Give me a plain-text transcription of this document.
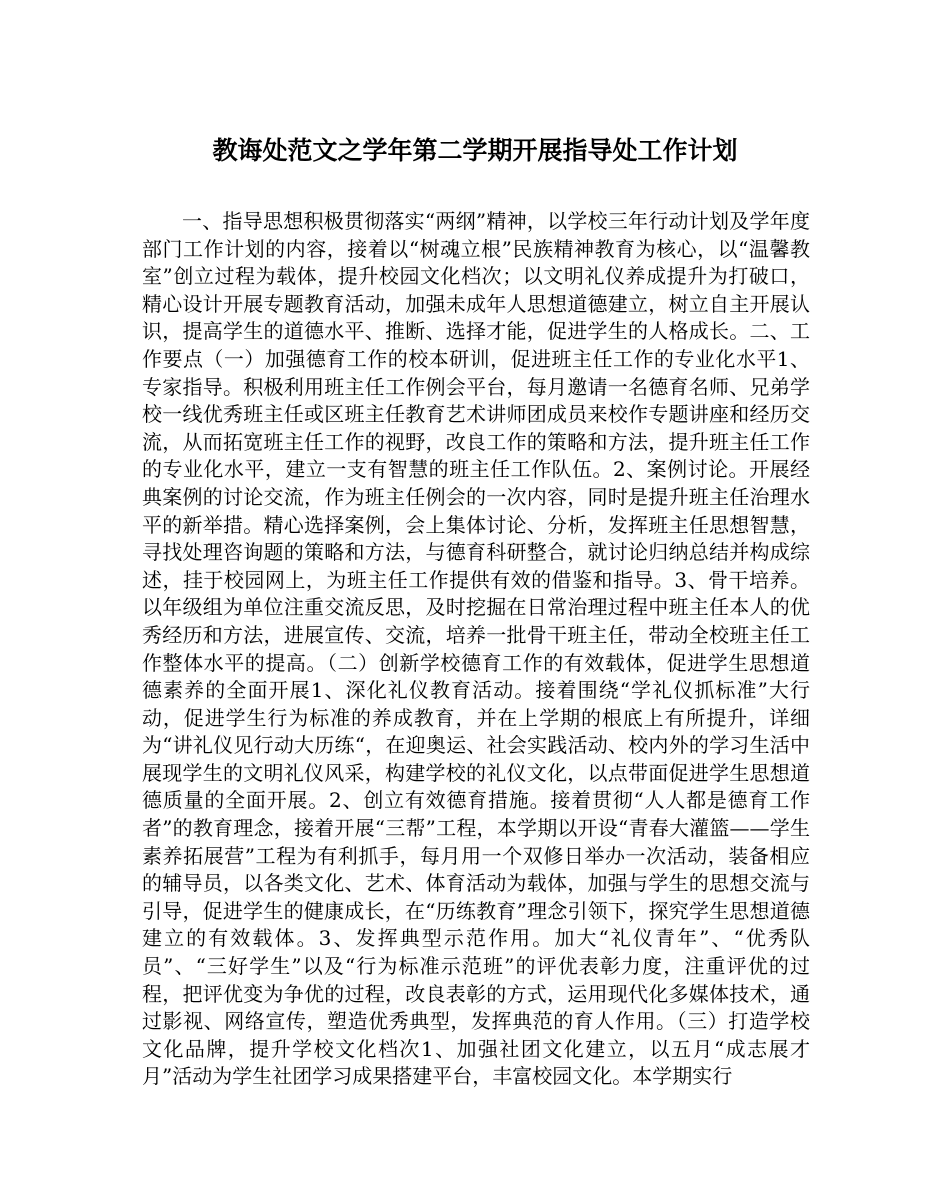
教诲处范文之学年第二学期开展指导处工作计划

一、指导思想积极贯彻落实“两纲”精神，以学校三年行动计划及学年度部门工作计划的内容，接着以“树魂立根”民族精神教育为核心，以“温馨教室”创立过程为载体，提升校园文化档次；以文明礼仪养成提升为打破口，精心设计开展专题教育活动，加强未成年人思想道德建立，树立自主开展认识，提高学生的道德水平、推断、选择才能，促进学生的人格成长。二、工作要点（一）加强德育工作的校本研训，促进班主任工作的专业化水平1、专家指导。积极利用班主任工作例会平台，每月邀请一名德育名师、兄弟学校一线优秀班主任或区班主任教育艺术讲师团成员来校作专题讲座和经历交流，从而拓宽班主任工作的视野，改良工作的策略和方法，提升班主任工作的专业化水平，建立一支有智慧的班主任工作队伍。2、案例讨论。开展经典案例的讨论交流，作为班主任例会的一次内容，同时是提升班主任治理水平的新举措。精心选择案例，会上集体讨论、分析，发挥班主任思想智慧，寻找处理咨询题的策略和方法，与德育科研整合，就讨论归纳总结并构成综述，挂于校园网上，为班主任工作提供有效的借鉴和指导。3、骨干培养。以年级组为单位注重交流反思，及时挖掘在日常治理过程中班主任本人的优秀经历和方法，进展宣传、交流，培养一批骨干班主任，带动全校班主任工作整体水平的提高。（二）创新学校德育工作的有效载体，促进学生思想道德素养的全面开展1、深化礼仪教育活动。接着围绕“学礼仪抓标准”大行动，促进学生行为标准的养成教育，并在上学期的根底上有所提升，详细为“讲礼仪见行动大历练“，在迎奥运、社会实践活动、校内外的学习生活中展现学生的文明礼仪风采，构建学校的礼仪文化，以点带面促进学生思想道德质量的全面开展。2、创立有效德育措施。接着贯彻“人人都是德育工作者”的教育理念，接着开展“三帮”工程，本学期以开设“青春大灌篮——学生素养拓展营”工程为有利抓手，每月用一个双修日举办一次活动，装备相应的辅导员，以各类文化、艺术、体育活动为载体，加强与学生的思想交流与引导，促进学生的健康成长，在“历练教育”理念引领下，探究学生思想道德建立的有效载体。3、发挥典型示范作用。加大“礼仪青年”、“优秀队员”、“三好学生”以及“行为标准示范班”的评优表彰力度，注重评优的过程，把评优变为争优的过程，改良表彰的方式，运用现代化多媒体技术，通过影视、网络宣传，塑造优秀典型，发挥典范的育人作用。（三）打造学校文化品牌，提升学校文化档次1、加强社团文化建立，以五月“成志展才月”活动为学生社团学习成果搭建平台，丰富校园文化。本学期实行
